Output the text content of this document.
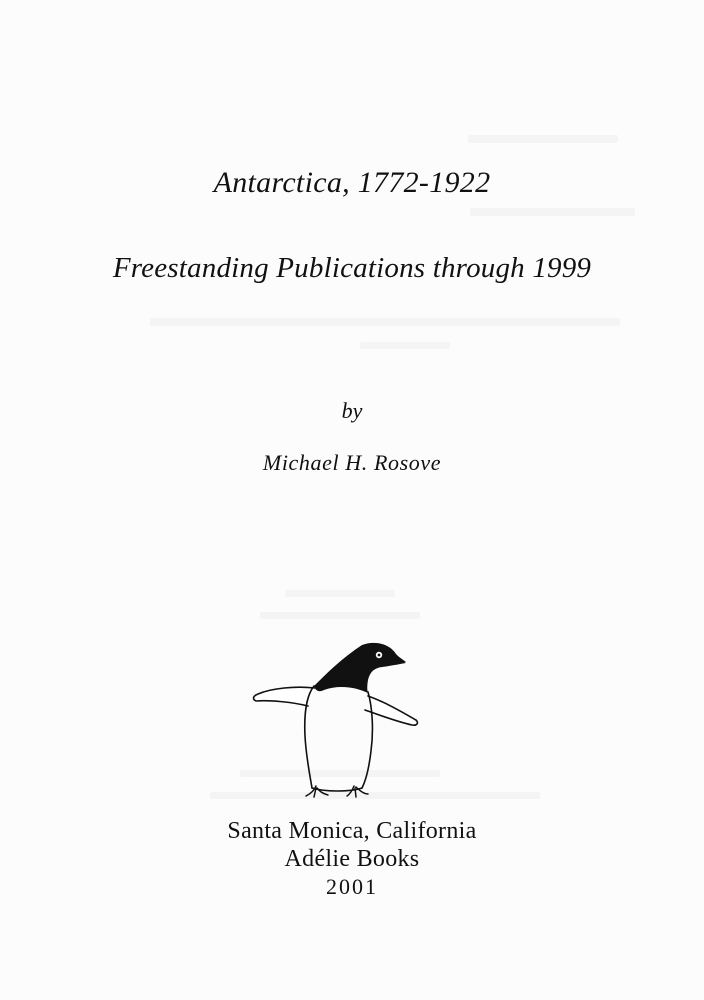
Antarctica, 1772-1922
Freestanding Publications through 1999
by
Michael H. Rosove
Santa Monica, California
Adélie Books
2001
